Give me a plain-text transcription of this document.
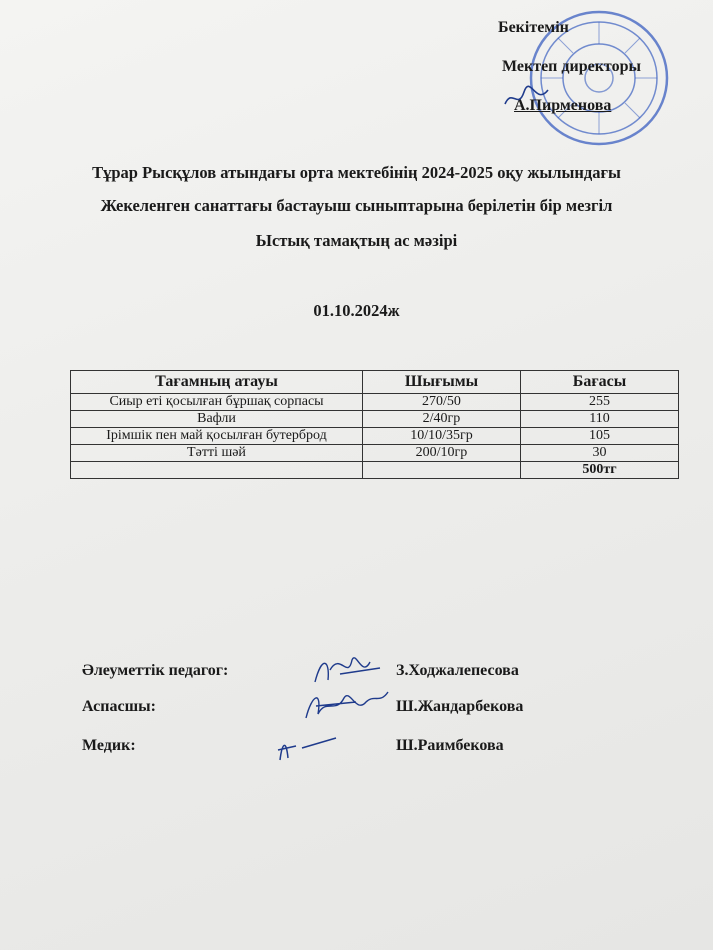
Бекітемін
Мектеп директоры
А.Пирменова
Тұрар Рысқұлов атындағы орта мектебінің 2024-2025 оқу жылындағы
Жекеленген санаттағы бастауыш сыныптарына берілетін бір мезгіл
Ыстық тамақтың ас мәзірі
01.10.2024ж
Тағамның атауы	Шығымы	Бағасы
Сиыр еті қосылған бұршақ сорпасы	270/50	255
Вафли	2/40гр	110
Ірімшік пен май қосылған бутерброд	10/10/35гр	105
Тәтті шәй	200/10гр	30
		500тг
Әлеуметтік педагог:	З.Ходжалепесова
Аспасшы:	Ш.Жандарбекова
Медик:	Ш.Раимбекова
